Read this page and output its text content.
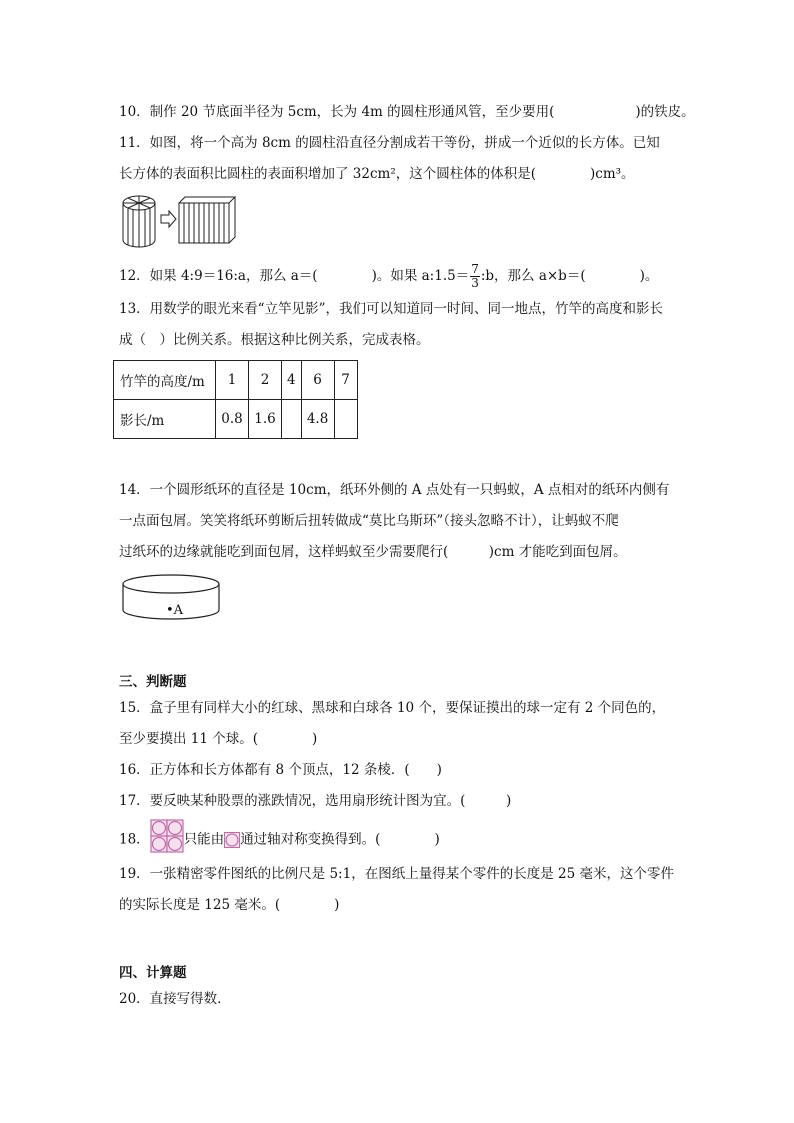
10．制作 20 节底面半径为 5cm，长为 4m 的圆柱形通风管，至少要用(　　　　　　)的铁皮。
11．如图，将一个高为 8cm 的圆柱沿直径分割成若干等份，拼成一个近似的长方体。已知
长方体的表面积比圆柱的表面积增加了 32cm²，这个圆柱体的体积是(　　　　)cm³。
12．如果 4:9＝16:a，那么 a＝(　　　　)。如果 a:1.5＝ $\frac{7}{3}$ :b，那么 a×b＝(　　　　)。
13．用数学的眼光来看“立竿见影”，我们可以知道同一时间、同一地点，竹竿的高度和影长
成（　）比例关系。根据这种比例关系，完成表格。
竹竿的高度/m	1	2	4	6	7
影长/m	0.8	1.6		4.8	
14．一个圆形纸环的直径是 10cm，纸环外侧的 A 点处有一只蚂蚁，A 点相对的纸环内侧有
一点面包屑。笑笑将纸环剪断后扭转做成“莫比乌斯环”（接头忽略不计），让蚂蚁不爬
过纸环的边缘就能吃到面包屑，这样蚂蚁至少需要爬行(　　　)cm 才能吃到面包屑。
•A
三、判断题
15．盒子里有同样大小的红球、黑球和白球各 10 个，要保证摸出的球一定有 2 个同色的，
至少要摸出 11 个球。(　　　　)
16．正方体和长方体都有 8 个顶点，12 条棱．(　　)
17．要反映某种股票的涨跌情况，选用扇形统计图为宜。(　　　)
18．	只能由 通过轴对称变换得到。(　　　　)
19．一张精密零件图纸的比例尺是 5:1，在图纸上量得某个零件的长度是 25 毫米，这个零件
的实际长度是 125 毫米。(　　　　)
四、计算题
20．直接写得数．
